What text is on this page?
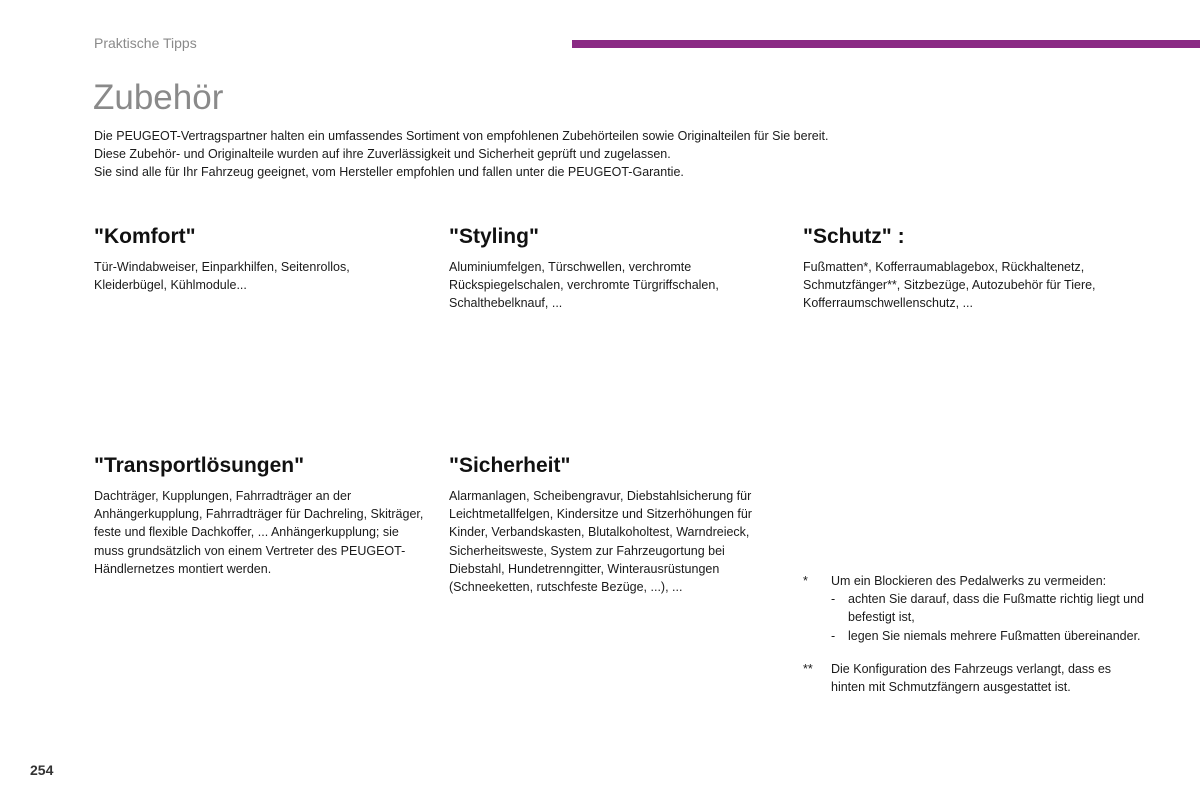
Praktische Tipps
Zubehör

Die PEUGEOT-Vertragspartner halten ein umfassendes Sortiment von empfohlenen Zubehörteilen sowie Originalteilen für Sie bereit.

Diese Zubehör- und Originalteile wurden auf ihre Zuverlässigkeit und Sicherheit geprüft und zugelassen.

Sie sind alle für Ihr Fahrzeug geeignet, vom Hersteller empfohlen und fallen unter die PEUGEOT-Garantie.

"Komfort"

Tür-Windabweiser, Einparkhilfen, Seitenrollos, Kleiderbügel, Kühlmodule...

"Styling"

Aluminiumfelgen, Türschwellen, verchromte Rückspiegelschalen, verchromte Türgriffschalen, Schalthebelknauf, ...

"Schutz" :

Fußmatten*, Kofferraumablagebox, Rückhaltenetz, Schmutzfänger**, Sitzbezüge, Autozubehör für Tiere, Kofferraumschwellenschutz, ...

"Transportlösungen"

Dachträger, Kupplungen, Fahrradträger an der Anhängerkupplung, Fahrradträger für Dachreling, Skiträger, feste und flexible Dachkoffer, ... Anhängerkupplung; sie muss grundsätzlich von einem Vertreter des PEUGEOT-Händlernetzes montiert werden.

"Sicherheit"

Alarmanlagen, Scheibengravur, Diebstahlsicherung für Leichtmetallfelgen, Kindersitze und Sitzerhöhungen für Kinder, Verbandskasten, Blutalkoholtest, Warndreieck, Sicherheitsweste, System zur Fahrzeugortung bei Diebstahl, Hundetrenngitter, Winterausrüstungen (Schneeketten, rutschfeste Bezüge, ...), ...	*	Um ein Blockieren des Pedalwerks zu vermeiden:
-	achten Sie darauf, dass die Fußmatte richtig liegt und befestigt ist,
-	legen Sie niemals mehrere Fußmatten übereinander.
**	Die Konfiguration des Fahrzeugs verlangt, dass es hinten mit Schmutzfängern ausgestattet ist.
254
